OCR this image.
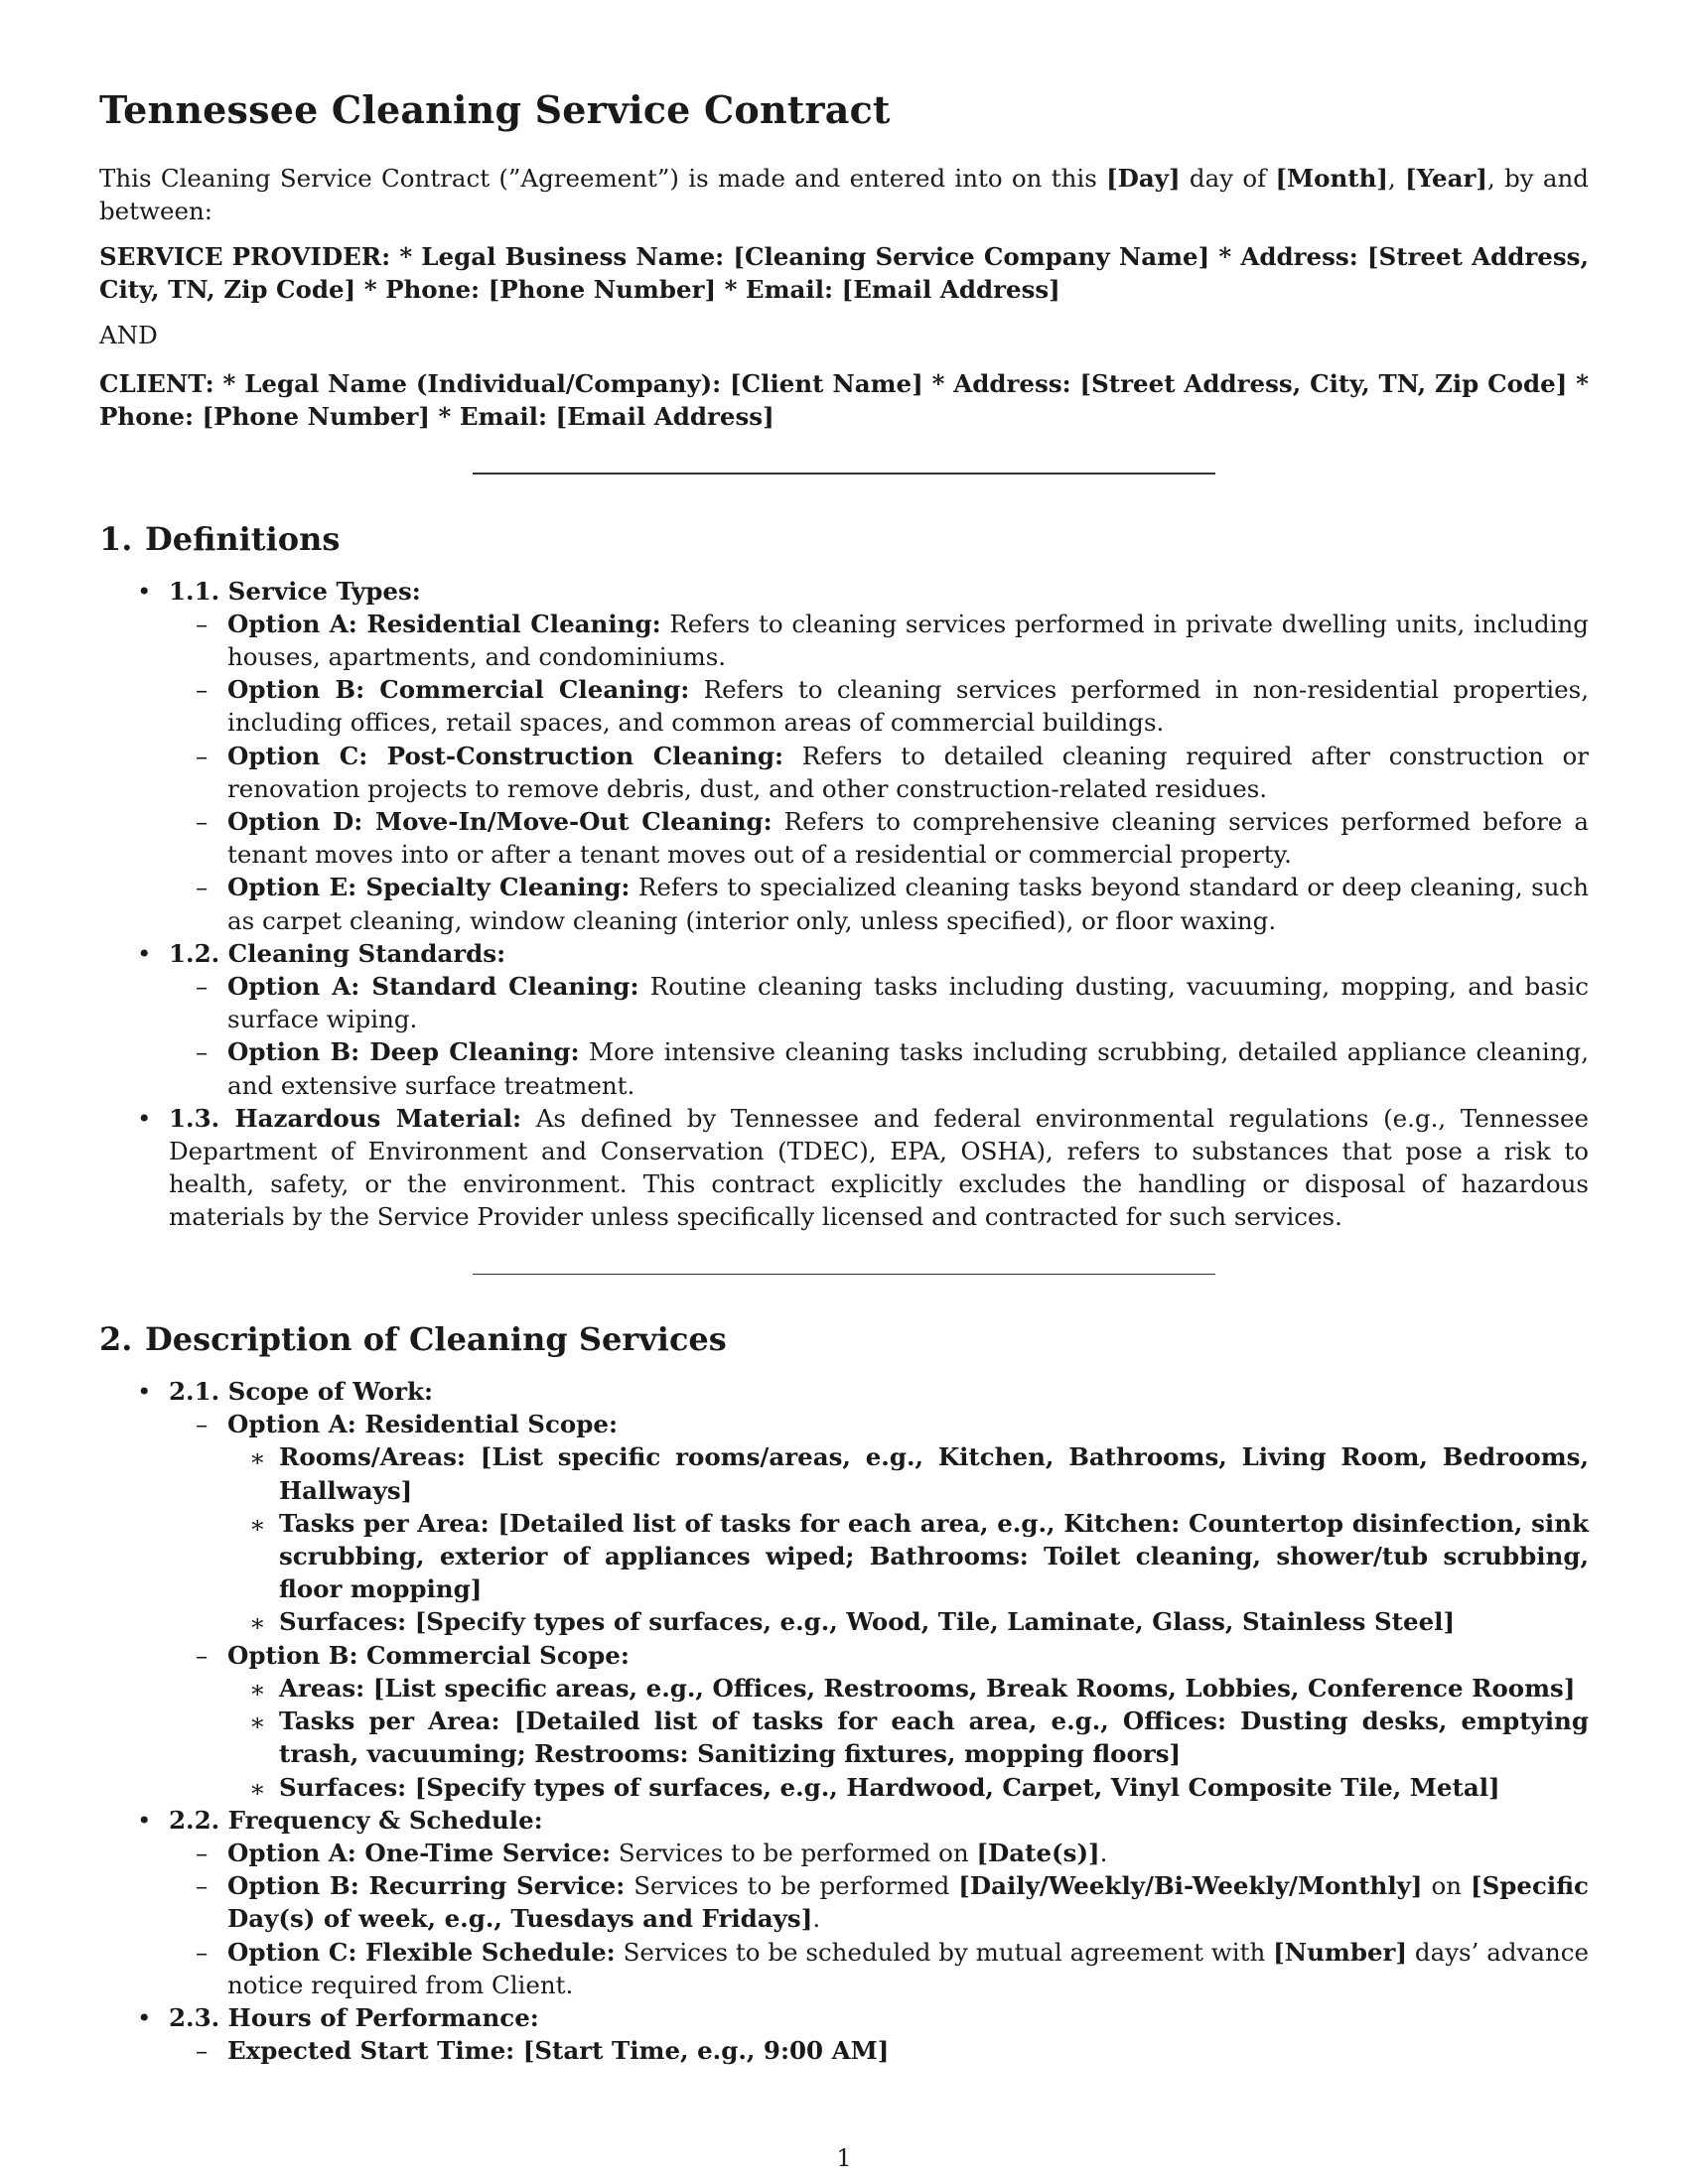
Tennessee Cleaning Service Contract

This Cleaning Service Contract (”Agreement”) is made and entered into on this [Day] day of [Month], [Year], by and between:

SERVICE PROVIDER: * Legal Business Name: [Cleaning Service Company Name] * Address: [Street Address, City, TN, Zip Code] * Phone: [Phone Number] * Email: [Email Address]

AND

CLIENT: * Legal Name (Individual/Company): [Client Name] * Address: [Street Address, City, TN, Zip Code] * Phone: [Phone Number] * Email: [Email Address]

1. Definitions
• 1.1. Service Types:
– Option A: Residential Cleaning: Refers to cleaning services performed in private dwelling units, including houses, apartments, and condominiums.
– Option B: Commercial Cleaning: Refers to cleaning services performed in non-residential properties, including offices, retail spaces, and common areas of commercial buildings.
– Option C: Post-Construction Cleaning: Refers to detailed cleaning required after construction or renovation projects to remove debris, dust, and other construction-related residues.
– Option D: Move-In/Move-Out Cleaning: Refers to comprehensive cleaning services performed before a tenant moves into or after a tenant moves out of a residential or commercial property.
– Option E: Specialty Cleaning: Refers to specialized cleaning tasks beyond standard or deep cleaning, such as carpet cleaning, window cleaning (interior only, unless specified), or floor waxing.
• 1.2. Cleaning Standards:
– Option A: Standard Cleaning: Routine cleaning tasks including dusting, vacuuming, mopping, and basic surface wiping.
– Option B: Deep Cleaning: More intensive cleaning tasks including scrubbing, detailed appliance cleaning, and extensive surface treatment.
• 1.3. Hazardous Material: As defined by Tennessee and federal environmental regulations (e.g., Tennessee Department of Environment and Conservation (TDEC), EPA, OSHA), refers to substances that pose a risk to health, safety, or the environment. This contract explicitly excludes the handling or disposal of hazardous materials by the Service Provider unless specifically licensed and contracted for such services.
2. Description of Cleaning Services
• 2.1. Scope of Work:
– Option A: Residential Scope:
∗ Rooms/Areas: [List specific rooms/areas, e.g., Kitchen, Bathrooms, Living Room, Bedrooms, Hallways]
∗ Tasks per Area: [Detailed list of tasks for each area, e.g., Kitchen: Countertop disinfection, sink scrubbing, exterior of appliances wiped; Bathrooms: Toilet cleaning, shower/tub scrubbing, floor mopping]
∗ Surfaces: [Specify types of surfaces, e.g., Wood, Tile, Laminate, Glass, Stainless Steel]
– Option B: Commercial Scope:
∗ Areas: [List specific areas, e.g., Offices, Restrooms, Break Rooms, Lobbies, Conference Rooms]
∗ Tasks per Area: [Detailed list of tasks for each area, e.g., Offices: Dusting desks, emptying trash, vacuuming; Restrooms: Sanitizing fixtures, mopping floors]
∗ Surfaces: [Specify types of surfaces, e.g., Hardwood, Carpet, Vinyl Composite Tile, Metal]
• 2.2. Frequency & Schedule:
– Option A: One-Time Service: Services to be performed on [Date(s)].
– Option B: Recurring Service: Services to be performed [Daily/Weekly/Bi-Weekly/Monthly] on [Specific Day(s) of week, e.g., Tuesdays and Fridays].
– Option C: Flexible Schedule: Services to be scheduled by mutual agreement with [Number] days’ advance notice required from Client.
• 2.3. Hours of Performance:
– Expected Start Time: [Start Time, e.g., 9:00 AM]
1
